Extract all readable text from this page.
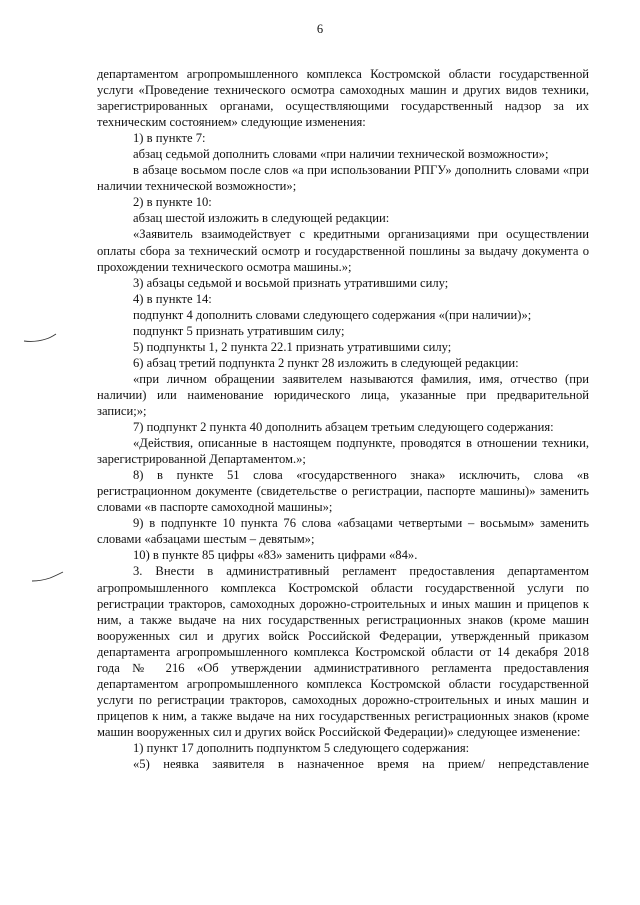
6

департаментом агропромышленного комплекса Костромской области государственной услуги «Проведение технического осмотра самоходных машин и других видов техники, зарегистрированных органами, осуществляющими государственный надзор за их техническим состоянием» следующие изменения:

1) в пункте 7:

абзац седьмой дополнить словами «при наличии технической возможности»;

в абзаце восьмом после слов «а при использовании РПГУ» дополнить словами «при наличии технической возможности»;

2) в пункте 10:

абзац шестой изложить в следующей редакции:

«Заявитель взаимодействует с кредитными организациями при осуществлении оплаты сбора за технический осмотр и государственной пошлины за выдачу документа о прохождении технического осмотра машины.»;

3) абзацы седьмой и восьмой признать утратившими силу;

4) в пункте 14:

подпункт 4 дополнить словами следующего содержания «(при наличии)»;

подпункт 5 признать утратившим силу;

5) подпункты 1, 2 пункта 22.1 признать утратившими силу;

6) абзац третий подпункта 2 пункт 28 изложить в следующей редакции:

«при личном обращении заявителем называются фамилия, имя, отчество (при наличии) или наименование юридического лица, указанные при предварительной записи;»;

7) подпункт 2 пункта 40 дополнить абзацем третьим следующего содержания:

«Действия, описанные в настоящем подпункте, проводятся в отношении техники, зарегистрированной Департаментом.»;

8) в пункте 51 слова «государственного знака» исключить, слова «в регистрационном документе (свидетельстве о регистрации, паспорте машины)» заменить словами «в паспорте самоходной машины»;

9) в подпункте 10 пункта 76 слова «абзацами четвертыми – восьмым» заменить словами «абзацами шестым – девятым»;

10) в пункте 85 цифры «83» заменить цифрами «84».

3. Внести в административный регламент предоставления департаментом агропромышленного комплекса Костромской области государственной услуги по регистрации тракторов, самоходных дорожно-строительных и иных машин и прицепов к ним, а также выдаче на них государственных регистрационных знаков (кроме машин вооруженных сил и других войск Российской Федерации, утвержденный приказом департамента агропромышленного комплекса Костромской области от 14 декабря 2018 года № 216 «Об утверждении административного регламента предоставления департаментом агропромышленного комплекса Костромской области государственной услуги по регистрации тракторов, самоходных дорожно-строительных и иных машин и прицепов к ним, а также выдаче на них государственных регистрационных знаков (кроме машин вооруженных сил и других войск Российской Федерации)» следующее изменение:

1) пункт 17 дополнить подпунктом 5 следующего содержания:

«5) неявка заявителя в назначенное время на прием/ непредставление
